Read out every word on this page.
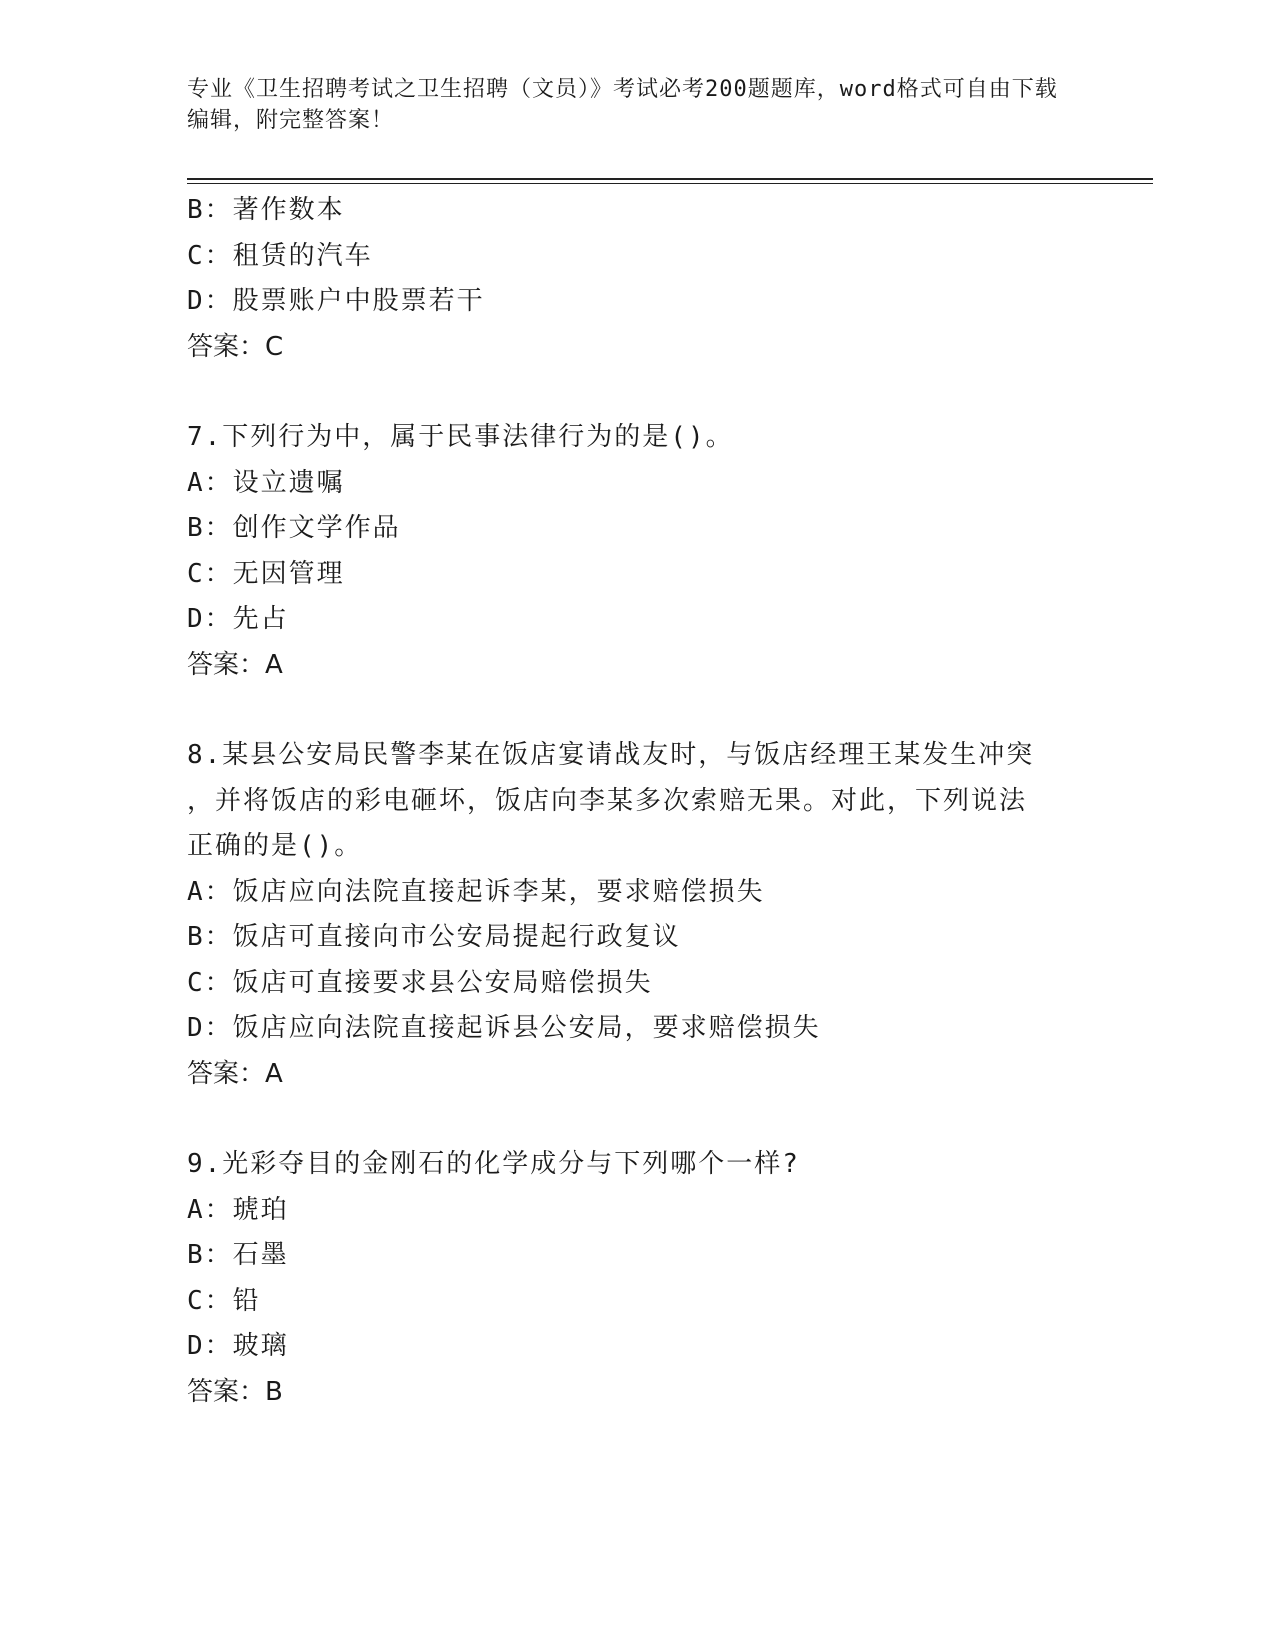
专业《卫生招聘考试之卫生招聘（文员）》考试必考200题题库，word格式可自由下载编辑，附完整答案！
B：著作数本
C：租赁的汽车
D：股票账户中股票若干
答案：C
7.下列行为中，属于民事法律行为的是()。
A：设立遗嘱
B：创作文学作品
C：无因管理
D：先占
答案：A
8.某县公安局民警李某在饭店宴请战友时，与饭店经理王某发生冲突
，并将饭店的彩电砸坏，饭店向李某多次索赔无果。对此，下列说法
正确的是()。
A：饭店应向法院直接起诉李某，要求赔偿损失
B：饭店可直接向市公安局提起行政复议
C：饭店可直接要求县公安局赔偿损失
D：饭店应向法院直接起诉县公安局，要求赔偿损失
答案：A
9.光彩夺目的金刚石的化学成分与下列哪个一样?
A：琥珀
B：石墨
C：铅
D：玻璃
答案：B
